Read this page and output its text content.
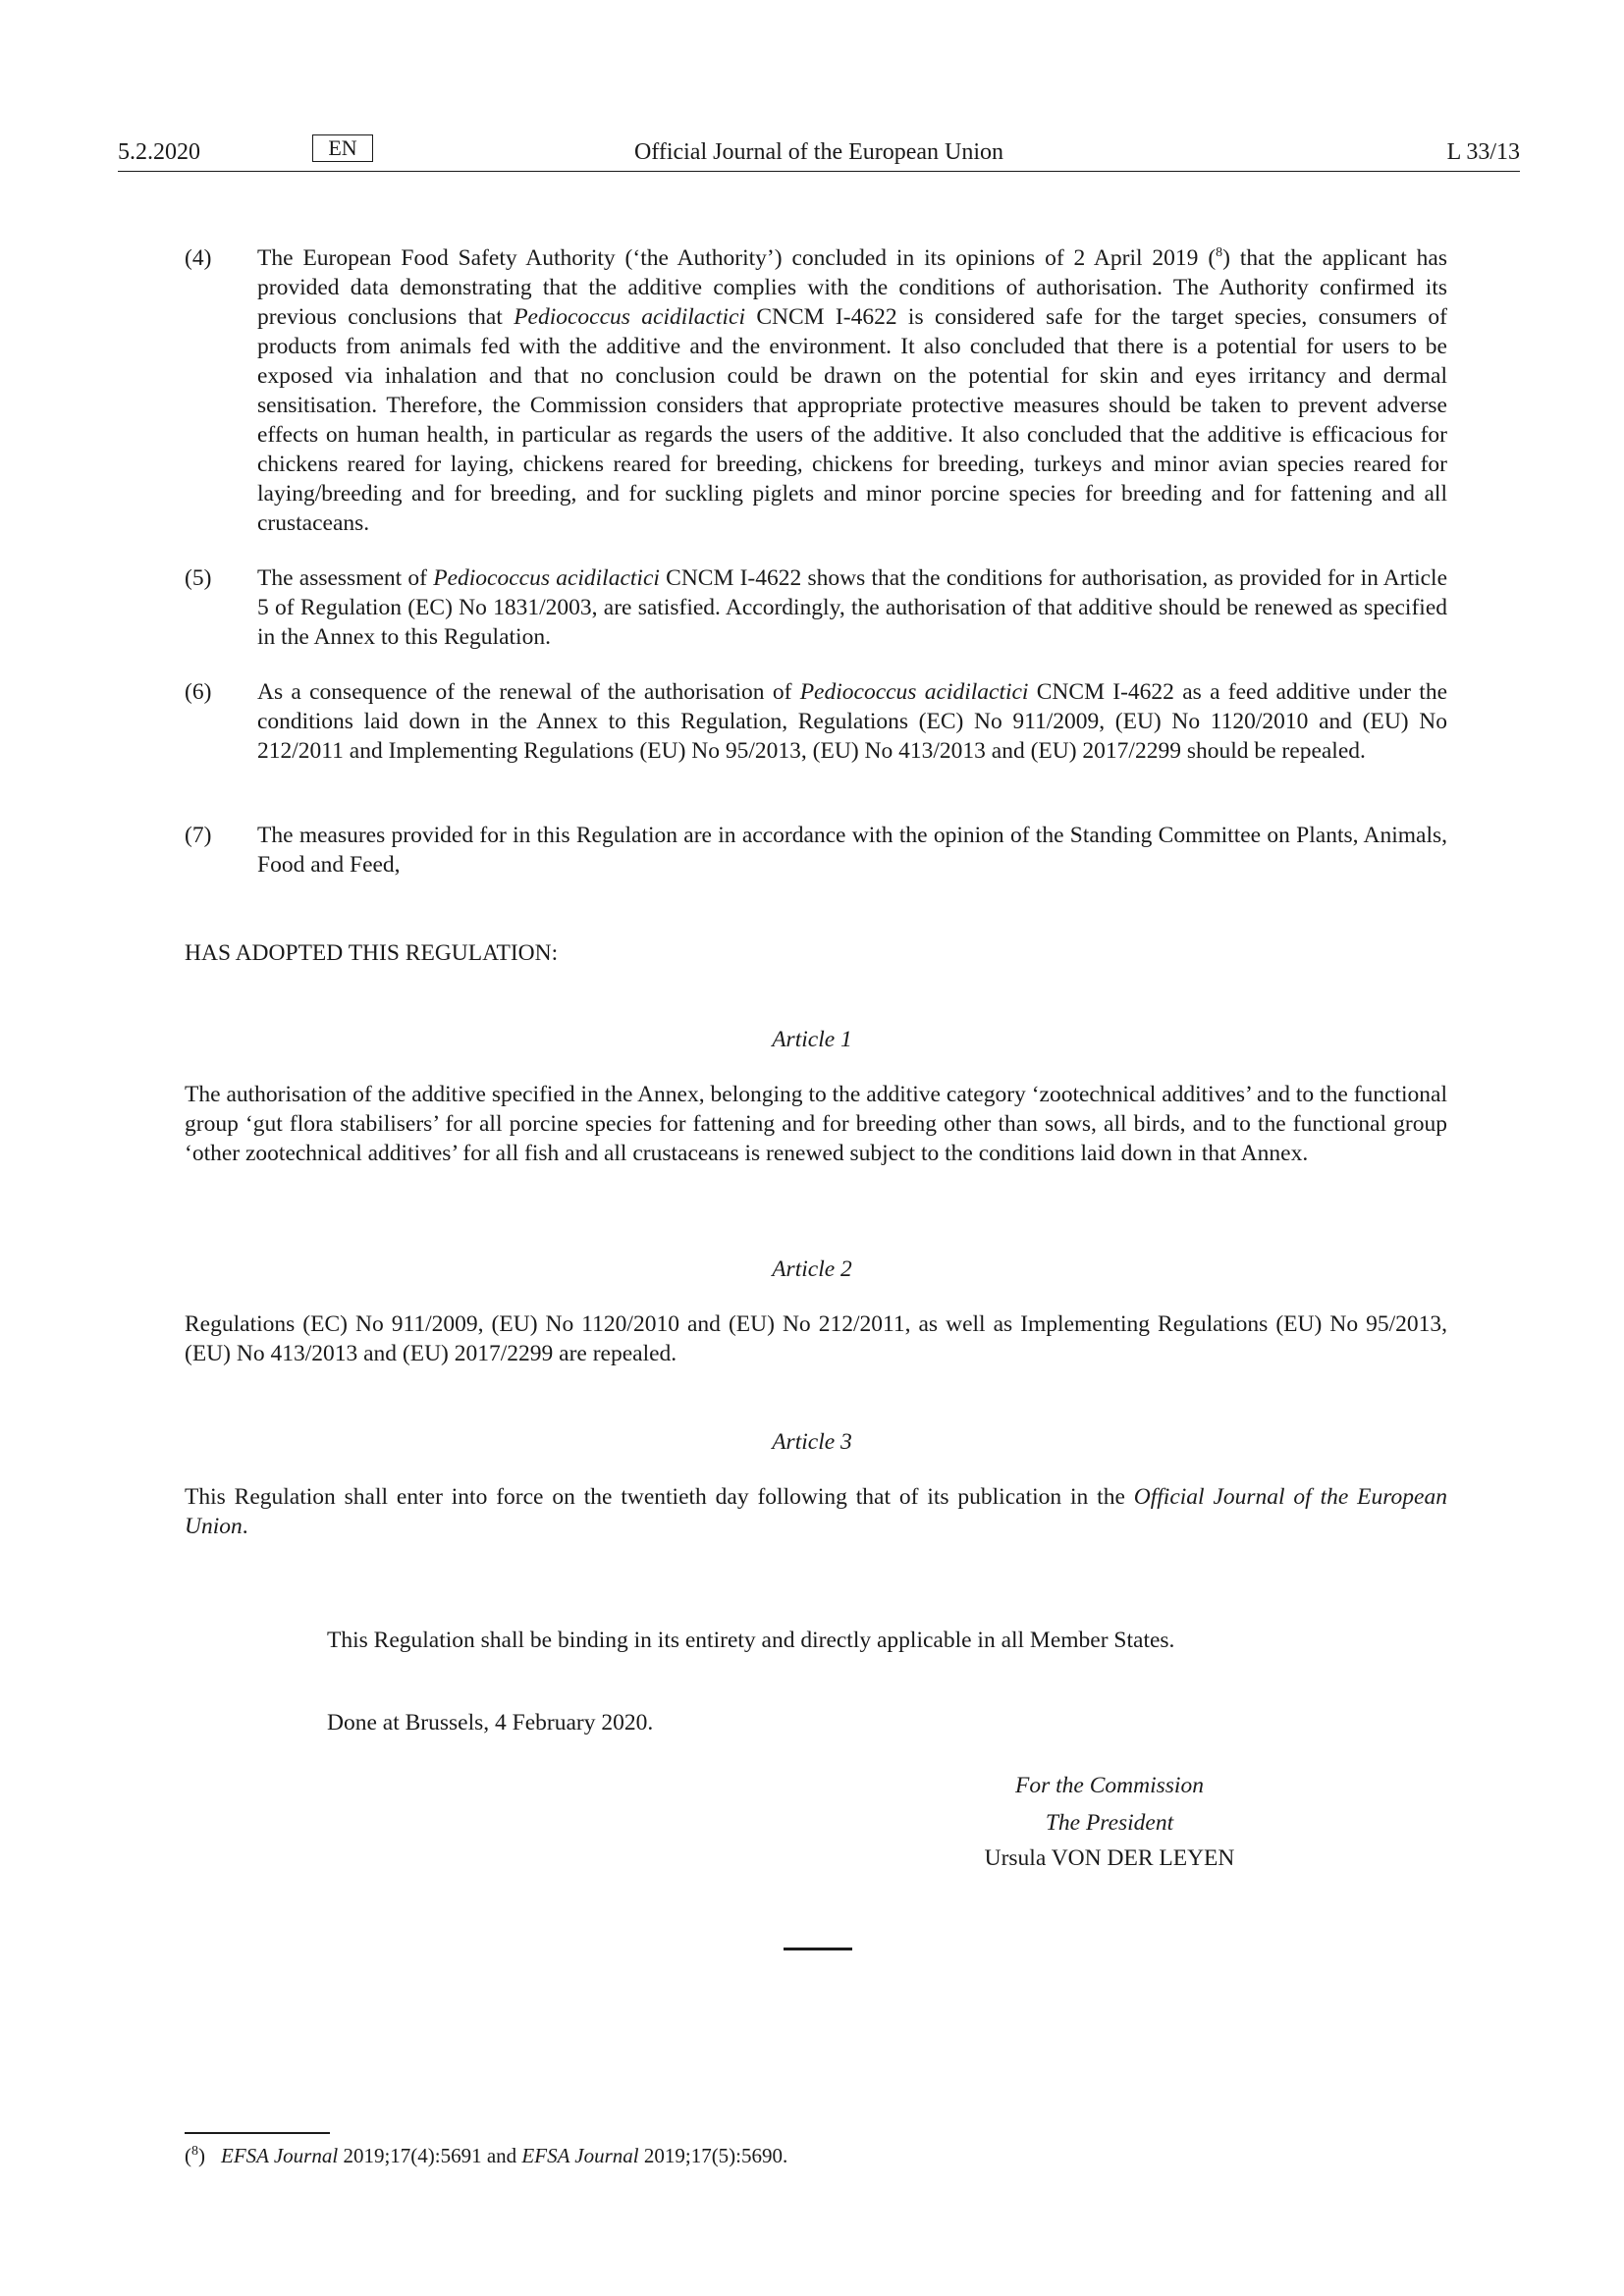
5.2.2020	EN	Official Journal of the European Union	L 33/13
(4) The European Food Safety Authority (‘the Authority’) concluded in its opinions of 2 April 2019 ($^8$) that the applicant has provided data demonstrating that the additive complies with the conditions of authorisation. The Authority confirmed its previous conclusions that Pediococcus acidilactici CNCM I-4622 is considered safe for the target species, consumers of products from animals fed with the additive and the environment. It also concluded that there is a potential for users to be exposed via inhalation and that no conclusion could be drawn on the potential for skin and eyes irritancy and dermal sensitisation. Therefore, the Commission considers that appropriate protective measures should be taken to prevent adverse effects on human health, in particular as regards the users of the additive. It also concluded that the additive is efficacious for chickens reared for laying, chickens reared for breeding, chickens for breeding, turkeys and minor avian species reared for laying/breeding and for breeding, and for suckling piglets and minor porcine species for breeding and for fattening and all crustaceans.
(5) The assessment of Pediococcus acidilactici CNCM I-4622 shows that the conditions for authorisation, as provided for in Article 5 of Regulation (EC) No 1831/2003, are satisfied. Accordingly, the authorisation of that additive should be renewed as specified in the Annex to this Regulation.
(6) As a consequence of the renewal of the authorisation of Pediococcus acidilactici CNCM I-4622 as a feed additive under the conditions laid down in the Annex to this Regulation, Regulations (EC) No 911/2009, (EU) No 1120/2010 and (EU) No 212/2011 and Implementing Regulations (EU) No 95/2013, (EU) No 413/2013 and (EU) 2017/2299 should be repealed.
(7) The measures provided for in this Regulation are in accordance with the opinion of the Standing Committee on Plants, Animals, Food and Feed,
HAS ADOPTED THIS REGULATION:
Article 1
The authorisation of the additive specified in the Annex, belonging to the additive category ‘zootechnical additives’ and to the functional group ‘gut flora stabilisers’ for all porcine species for fattening and for breeding other than sows, all birds, and to the functional group ‘other zootechnical additives’ for all fish and all crustaceans is renewed subject to the conditions laid down in that Annex.
Article 2
Regulations (EC) No 911/2009, (EU) No 1120/2010 and (EU) No 212/2011, as well as Implementing Regulations (EU) No 95/2013, (EU) No 413/2013 and (EU) 2017/2299 are repealed.
Article 3
This Regulation shall enter into force on the twentieth day following that of its publication in the Official Journal of the European Union.
This Regulation shall be binding in its entirety and directly applicable in all Member States.
Done at Brussels, 4 February 2020.
For the Commission
The President
Ursula VON DER LEYEN
($^8$) EFSA Journal 2019;17(4):5691 and EFSA Journal 2019;17(5):5690.
